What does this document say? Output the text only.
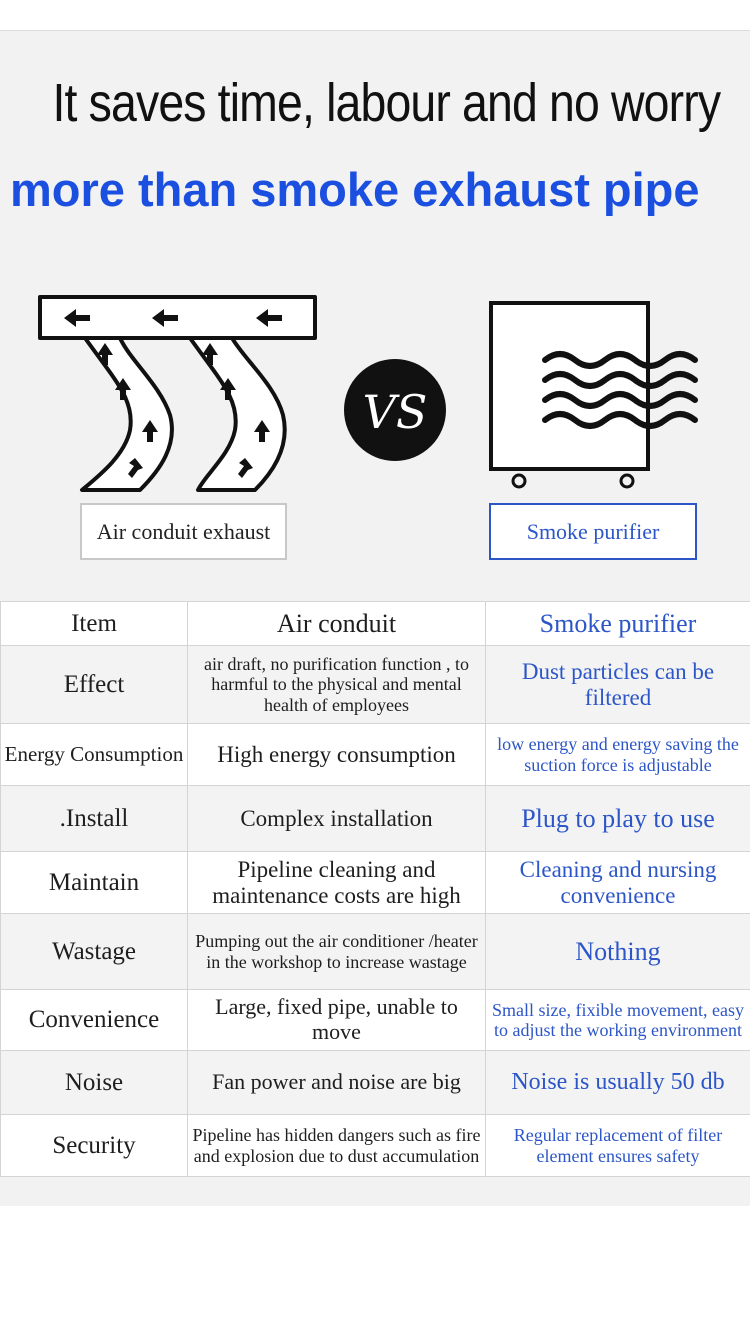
It saves time, labour and no worry
more than smoke exhaust pipe
VS
Air conduit exhaust	Smoke purifier
Item	Air conduit	Smoke purifier
Effect	air draft, no purification function , to harmful to the physical and mental health of employees	Dust particles can be filtered
Energy Consumption	High energy consumption	low energy and energy saving the suction force is adjustable
.Install	Complex installation	Plug to play to use
Maintain	Pipeline cleaning and maintenance costs are high	Cleaning and nursing convenience
Wastage	Pumping out the air conditioner /heater in the workshop to increase wastage	Nothing
Convenience	Large, fixed pipe, unable to move	Small size, fixible movement, easy to adjust the working environment
Noise	Fan power and noise are big	Noise is usually 50 db
Security	Pipeline has hidden dangers such as fire and explosion due to dust accumulation	Regular replacement of filter element ensures safety
